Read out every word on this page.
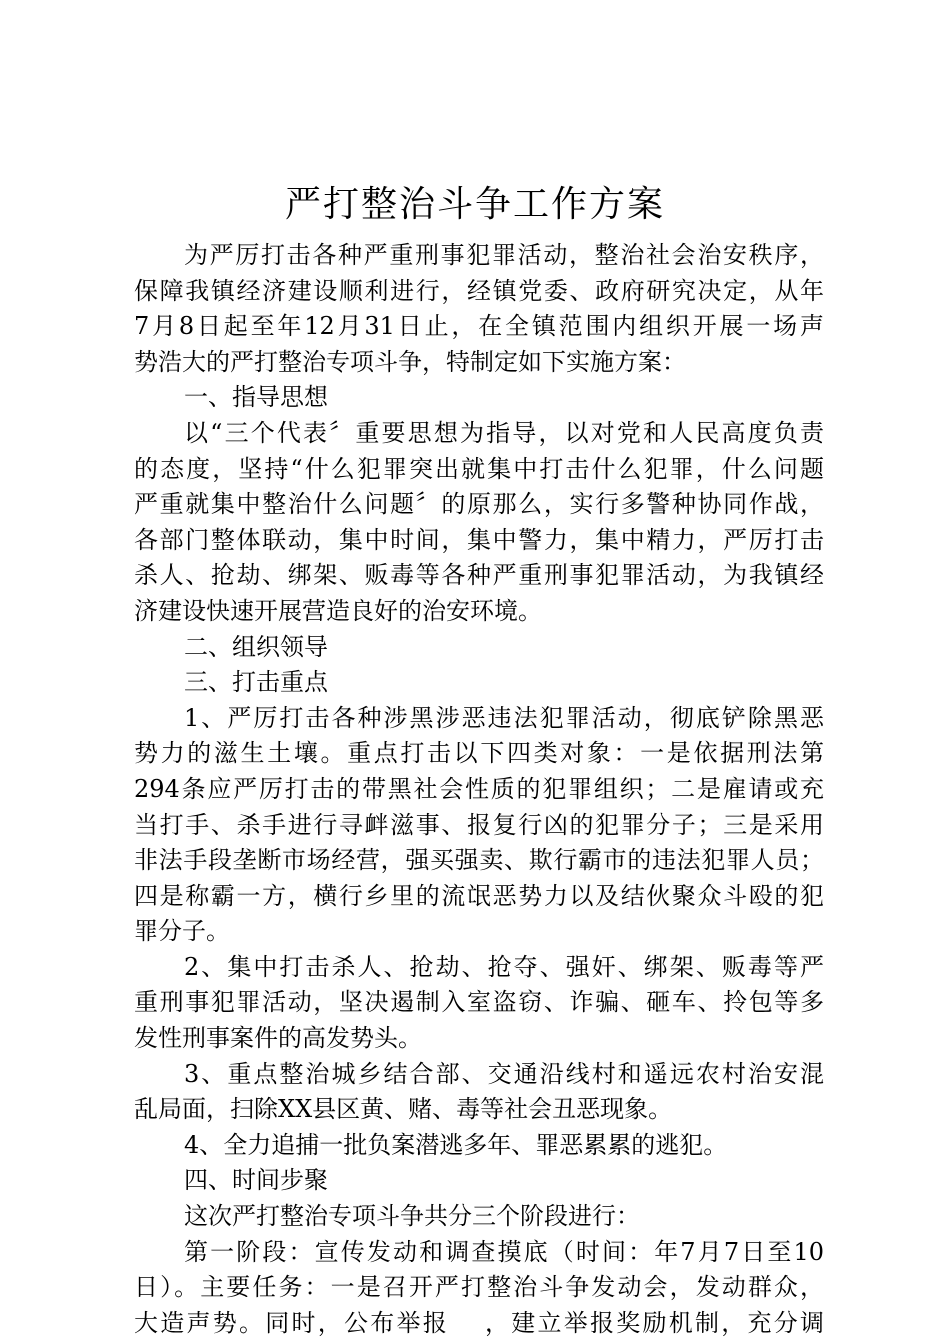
严打整治斗争工作方案
为严厉打击各种严重刑事犯罪活动，整治社会治安秩序，
保障我镇经济建设顺利进行，经镇党委、政府研究决定，从年
7月8日起至年12月31日止，在全镇范围内组织开展一场声
势浩大的严打整治专项斗争，特制定如下实施方案：
一、指导思想
以“三个代表〞重要思想为指导，以对党和人民高度负责
的态度，坚持“什么犯罪突出就集中打击什么犯罪，什么问题
严重就集中整治什么问题〞的原那么，实行多警种协同作战，
各部门整体联动，集中时间，集中警力，集中精力，严厉打击
杀人、抢劫、绑架、贩毒等各种严重刑事犯罪活动，为我镇经
济建设快速开展营造良好的治安环境。
二、组织领导
三、打击重点
1、严厉打击各种涉黑涉恶违法犯罪活动，彻底铲除黑恶
势力的滋生土壤。重点打击以下四类对象：一是依据刑法第
294条应严厉打击的带黑社会性质的犯罪组织；二是雇请或充
当打手、杀手进行寻衅滋事、报复行凶的犯罪分子；三是采用
非法手段垄断市场经营，强买强卖、欺行霸市的违法犯罪人员；
四是称霸一方，横行乡里的流氓恶势力以及结伙聚众斗殴的犯
罪分子。
2、集中打击杀人、抢劫、抢夺、强奸、绑架、贩毒等严
重刑事犯罪活动，坚决遏制入室盗窃、诈骗、砸车、拎包等多
发性刑事案件的高发势头。
3、重点整治城乡结合部、交通沿线村和遥远农村治安混
乱局面，扫除XX县区黄、赌、毒等社会丑恶现象。
4、全力追捕一批负案潜逃多年、罪恶累累的逃犯。
四、时间步聚
这次严打整治专项斗争共分三个阶段进行：
第一阶段：宣传发动和调查摸底（时间：年7月7日至10
日）。主要任务：一是召开严打整治斗争发动会，发动群众，
大造声势。同时，公布举报　 ，建立举报奖励机制，充分调
